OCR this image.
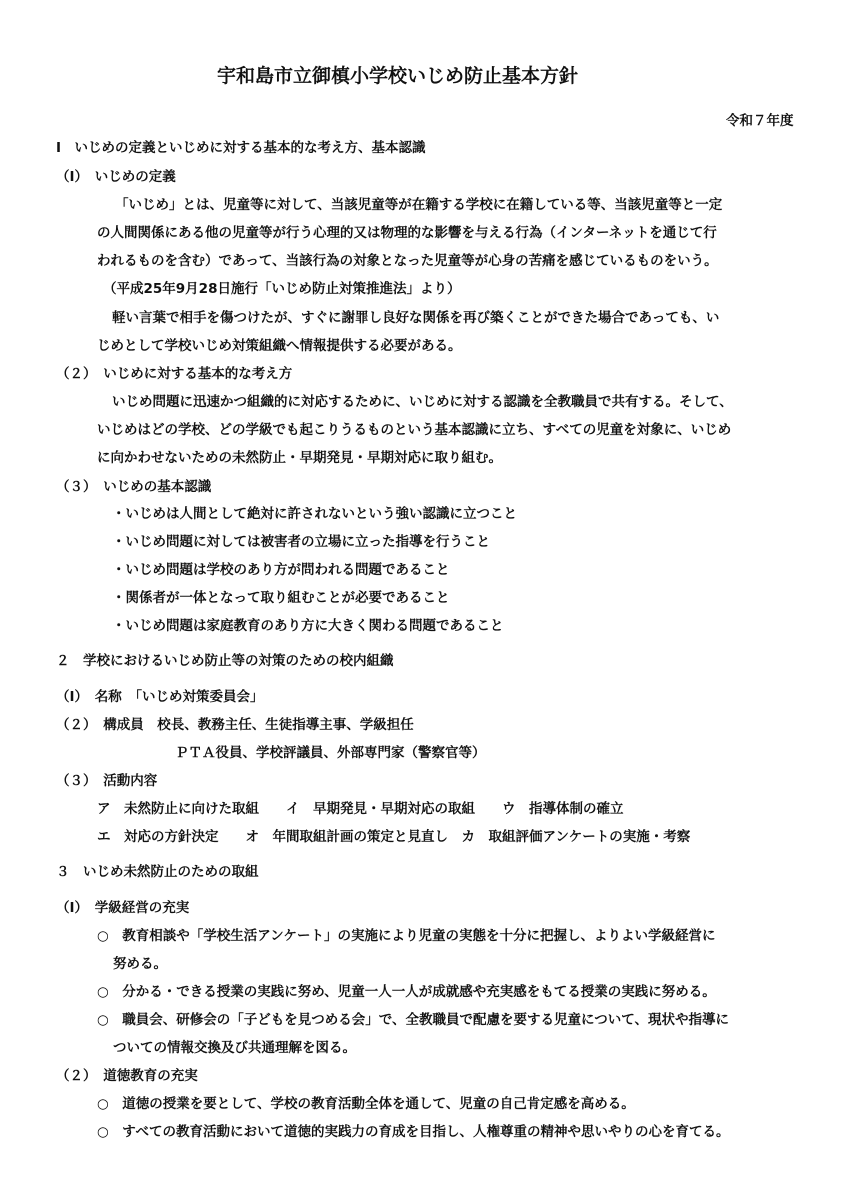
宇和島市立御槙小学校いじめ防止基本方針
令和７年度
Ⅰ　いじめの定義といじめに対する基本的な考え方、基本認識
（Ⅰ）　いじめの定義
「いじめ」とは、児童等に対して、当該児童等が在籍する学校に在籍している等、当該児童等と一定
の人間関係にある他の児童等が行う心理的又は物理的な影響を与える行為（インターネットを通じて行
われるものを含む）であって、当該行為の対象となった児童等が心身の苦痛を感じているものをいう。
（平成25年9月28日施行「いじめ防止対策推進法」より）
軽い言葉で相手を傷つけたが、すぐに謝罪し良好な関係を再び築くことができた場合であっても、い
じめとして学校いじめ対策組織へ情報提供する必要がある。
（２）　いじめに対する基本的な考え方
いじめ問題に迅速かつ組織的に対応するために、いじめに対する認識を全教職員で共有する。そして、
いじめはどの学校、どの学級でも起こりうるものという基本認識に立ち、すべての児童を対象に、いじめ
に向かわせないための未然防止・早期発見・早期対応に取り組む。
（３）　いじめの基本認識
・いじめは人間として絶対に許されないという強い認識に立つこと
・いじめ問題に対しては被害者の立場に立った指導を行うこと
・いじめ問題は学校のあり方が問われる問題であること
・関係者が一体となって取り組むことが必要であること
・いじめ問題は家庭教育のあり方に大きく関わる問題であること
２　学校におけるいじめ防止等の対策のための校内組織
（Ⅰ）　名称　「いじめ対策委員会」
（２）　構成員　校長、教務主任、生徒指導主事、学級担任
ＰＴＡ役員、学校評議員、外部専門家（警察官等）
（３）　活動内容
ア　未然防止に向けた取組　　イ　早期発見・早期対応の取組　　ウ　指導体制の確立
エ　対応の方針決定　　オ　年間取組計画の策定と見直し　カ　取組評価アンケートの実施・考察
３　いじめ未然防止のための取組
（Ⅰ）　学級経営の充実
○　教育相談や「学校生活アンケート」の実施により児童の実態を十分に把握し、よりよい学級経営に
努める。
○　分かる・できる授業の実践に努め、児童一人一人が成就感や充実感をもてる授業の実践に努める。
○　職員会、研修会の「子どもを見つめる会」で、全教職員で配慮を要する児童について、現状や指導に
ついての情報交換及び共通理解を図る。
（２）　道徳教育の充実
○　道徳の授業を要として、学校の教育活動全体を通して、児童の自己肯定感を高める。
○　すべての教育活動において道徳的実践力の育成を目指し、人権尊重の精神や思いやりの心を育てる。
